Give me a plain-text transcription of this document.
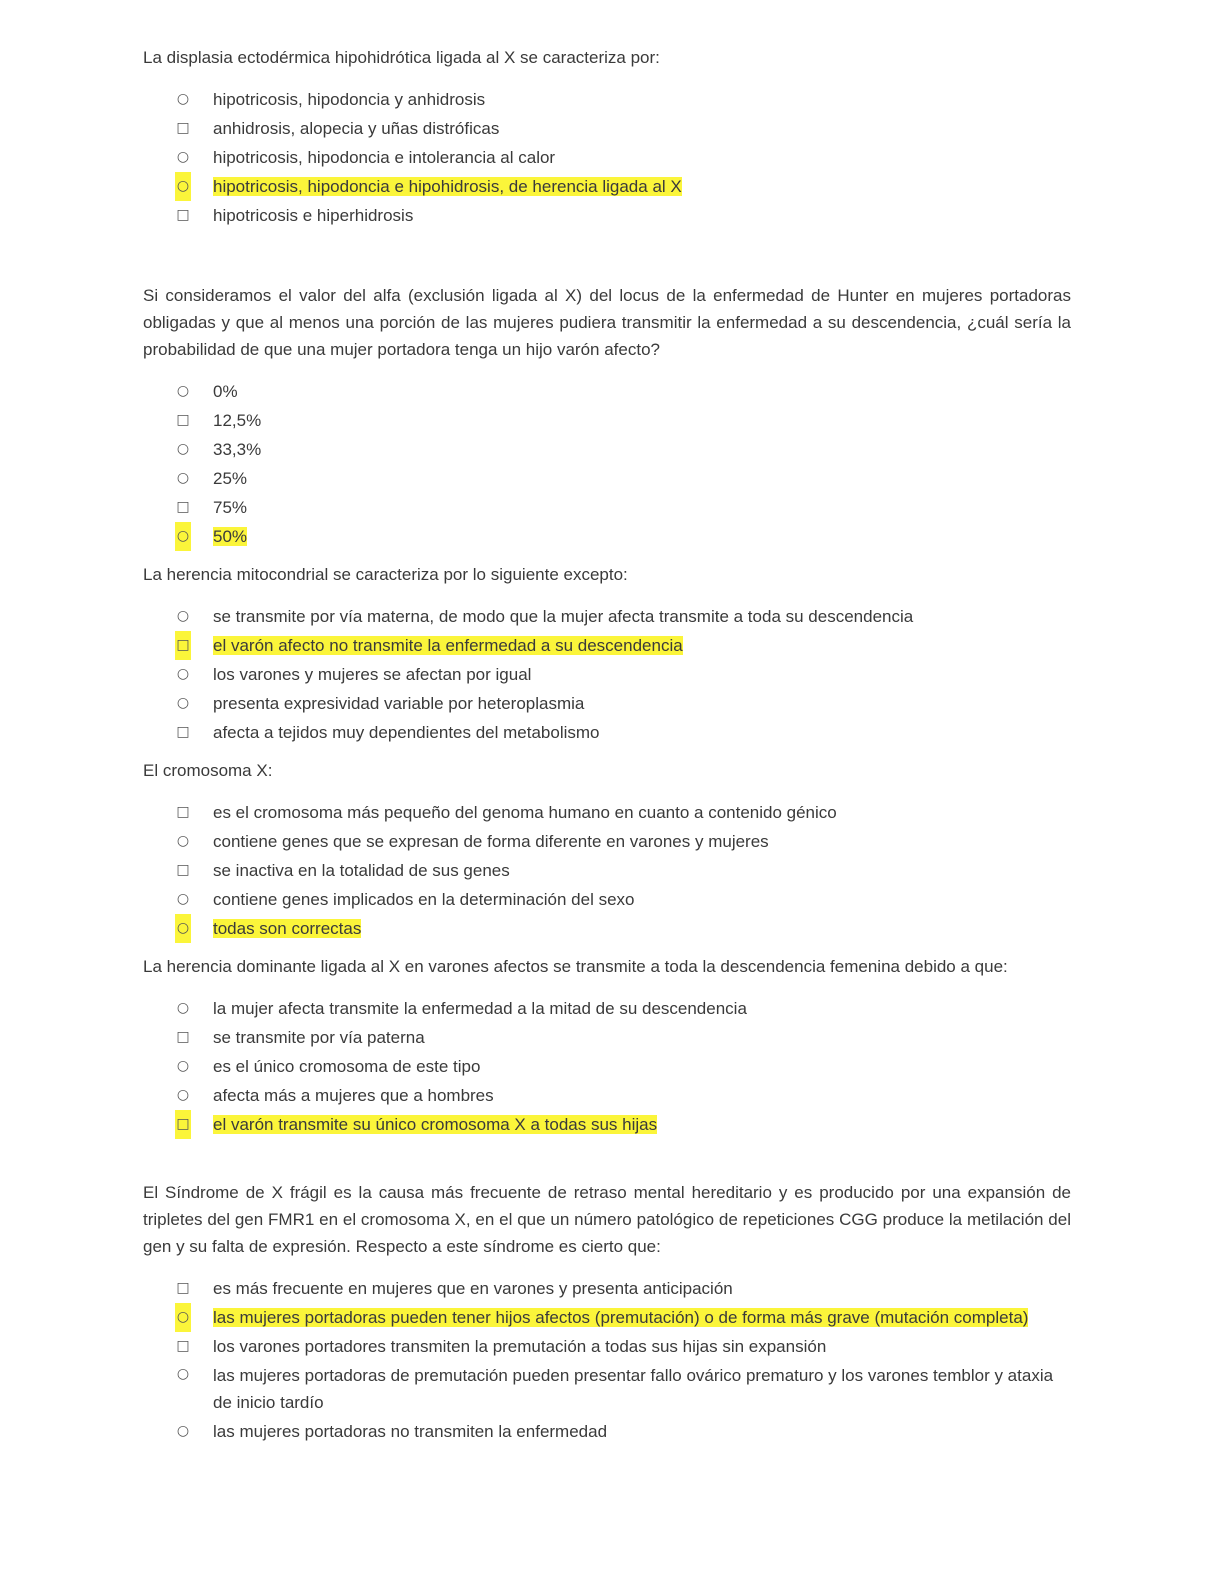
La displasia ectodérmica hipohidrótica ligada al X se caracteriza por:

○ hipotricosis, hipodoncia y anhidrosis
□ anhidrosis, alopecia y uñas distróficas
○ hipotricosis, hipodoncia e intolerancia al calor
○ hipotricosis, hipodoncia e hipohidrosis, de herencia ligada al X
□ hipotricosis e hiperhidrosis

Si consideramos el valor del alfa (exclusión ligada al X) del locus de la enfermedad de Hunter en mujeres portadoras obligadas y que al menos una porción de las mujeres pudiera transmitir la enfermedad a su descendencia, ¿cuál sería la probabilidad de que una mujer portadora tenga un hijo varón afecto?

○ 0%
□ 12,5%
○ 33,3%
○ 25%
□ 75%
○ 50%

La herencia mitocondrial se caracteriza por lo siguiente excepto:

○ se transmite por vía materna, de modo que la mujer afecta transmite a toda su descendencia
□ el varón afecto no transmite la enfermedad a su descendencia
○ los varones y mujeres se afectan por igual
○ presenta expresividad variable por heteroplasmia
□ afecta a tejidos muy dependientes del metabolismo

El cromosoma X:

□ es el cromosoma más pequeño del genoma humano en cuanto a contenido génico
○ contiene genes que se expresan de forma diferente en varones y mujeres
□ se inactiva en la totalidad de sus genes
○ contiene genes implicados en la determinación del sexo
○ todas son correctas

La herencia dominante ligada al X en varones afectos se transmite a toda la descendencia femenina debido a que:

○ la mujer afecta transmite la enfermedad a la mitad de su descendencia
□ se transmite por vía paterna
○ es el único cromosoma de este tipo
○ afecta más a mujeres que a hombres
□ el varón transmite su único cromosoma X a todas sus hijas

El Síndrome de X frágil es la causa más frecuente de retraso mental hereditario y es producido por una expansión de tripletes del gen FMR1 en el cromosoma X, en el que un número patológico de repeticiones CGG produce la metilación del gen y su falta de expresión. Respecto a este síndrome es cierto que:

□ es más frecuente en mujeres que en varones y presenta anticipación
○ las mujeres portadoras pueden tener hijos afectos (premutación) o de forma más grave (mutación completa)
□ los varones portadores transmiten la premutación a todas sus hijas sin expansión
○ las mujeres portadoras de premutación pueden presentar fallo ovárico prematuro y los varones temblor y ataxia de inicio tardío
○ las mujeres portadoras no transmiten la enfermedad
